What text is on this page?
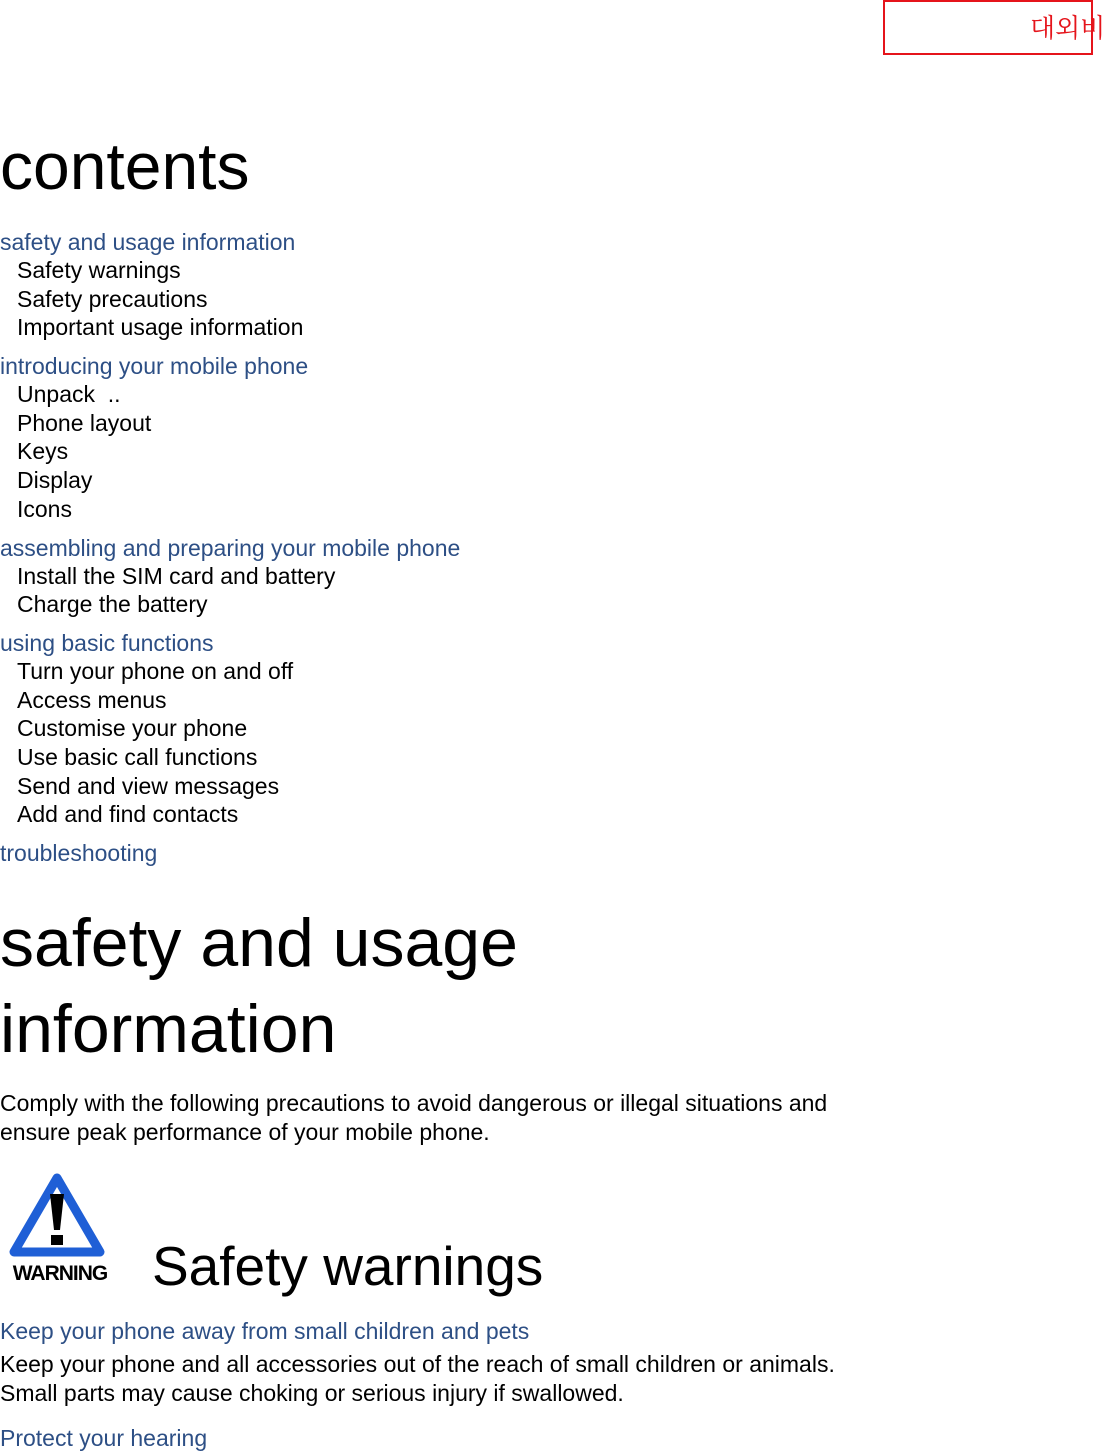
대외비
contents
safety and usage information
Safety warnings
Safety precautions
Important usage information
introducing your mobile phone
Unpack  ..
Phone layout
Keys
Display
Icons
assembling and preparing your mobile phone
Install the SIM card and battery
Charge the battery
using basic functions
Turn your phone on and off
Access menus
Customise your phone
Use basic call functions
Send and view messages
Add and find contacts
troubleshooting
safety and usage
information

Comply with the following precautions to avoid dangerous or illegal situations and
ensure peak performance of your mobile phone.

WARNING Safety warnings
Keep your phone away from small children and pets

Keep your phone and all accessories out of the reach of small children or animals.
Small parts may cause choking or serious injury if swallowed.

Protect your hearing
